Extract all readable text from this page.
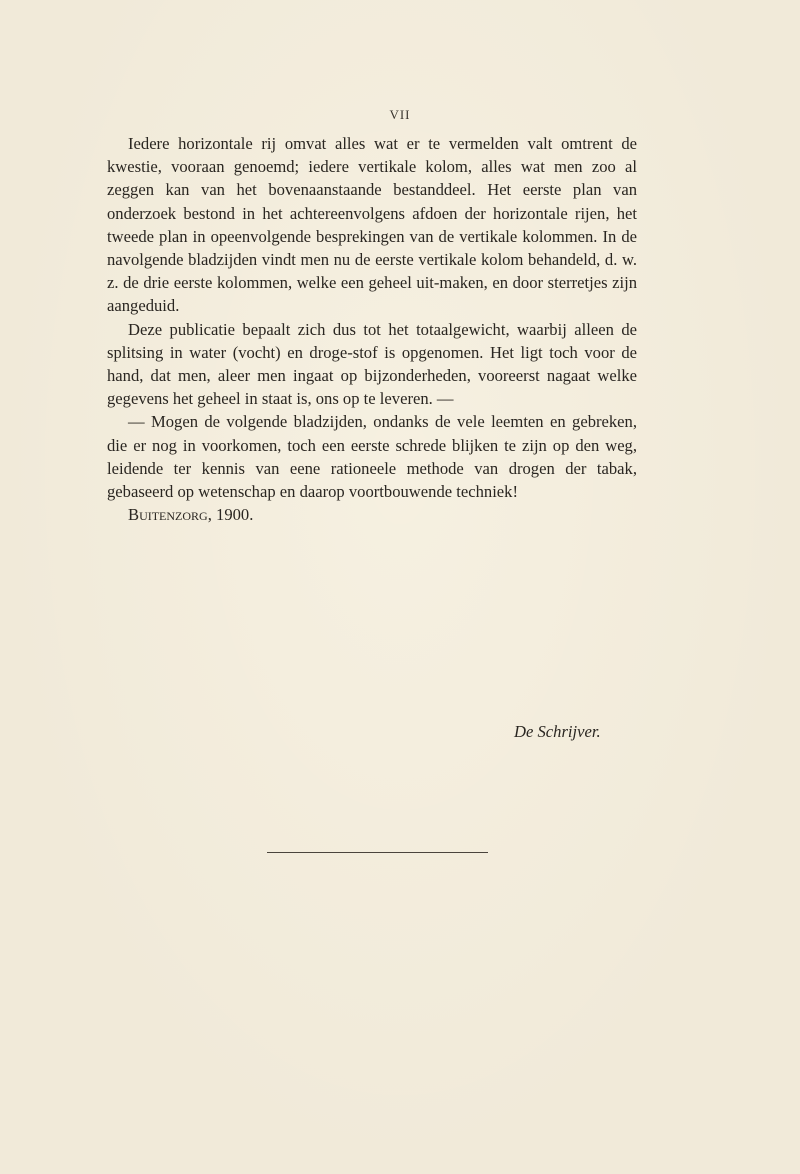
VII

Iedere horizontale rij omvat alles wat er te vermelden valt omtrent de kwestie, vooraan genoemd; iedere vertikale kolom, alles wat men zoo al zeggen kan van het bovenaanstaande bestanddeel. Het eerste plan van onderzoek bestond in het achtereenvolgens afdoen der horizontale rijen, het tweede plan in opeenvolgende besprekingen van de vertikale kolommen. In de navolgende bladzijden vindt men nu de eerste vertikale kolom behandeld, d. w. z. de drie eerste kolommen, welke een geheel uit-maken, en door sterretjes zijn aangeduid.

Deze publicatie bepaalt zich dus tot het totaalgewicht, waarbij alleen de splitsing in water (vocht) en droge-stof is opgenomen. Het ligt toch voor de hand, dat men, aleer men ingaat op bijzonderheden, vooreerst nagaat welke gegevens het geheel in staat is, ons op te leveren. —

— Mogen de volgende bladzijden, ondanks de vele leemten en gebreken, die er nog in voorkomen, toch een eerste schrede blijken te zijn op den weg, leidende ter kennis van eene rationeele methode van drogen der tabak, gebaseerd op wetenschap en daarop voortbouwende techniek!

Buitenzorg, 1900.

De Schrijver.
